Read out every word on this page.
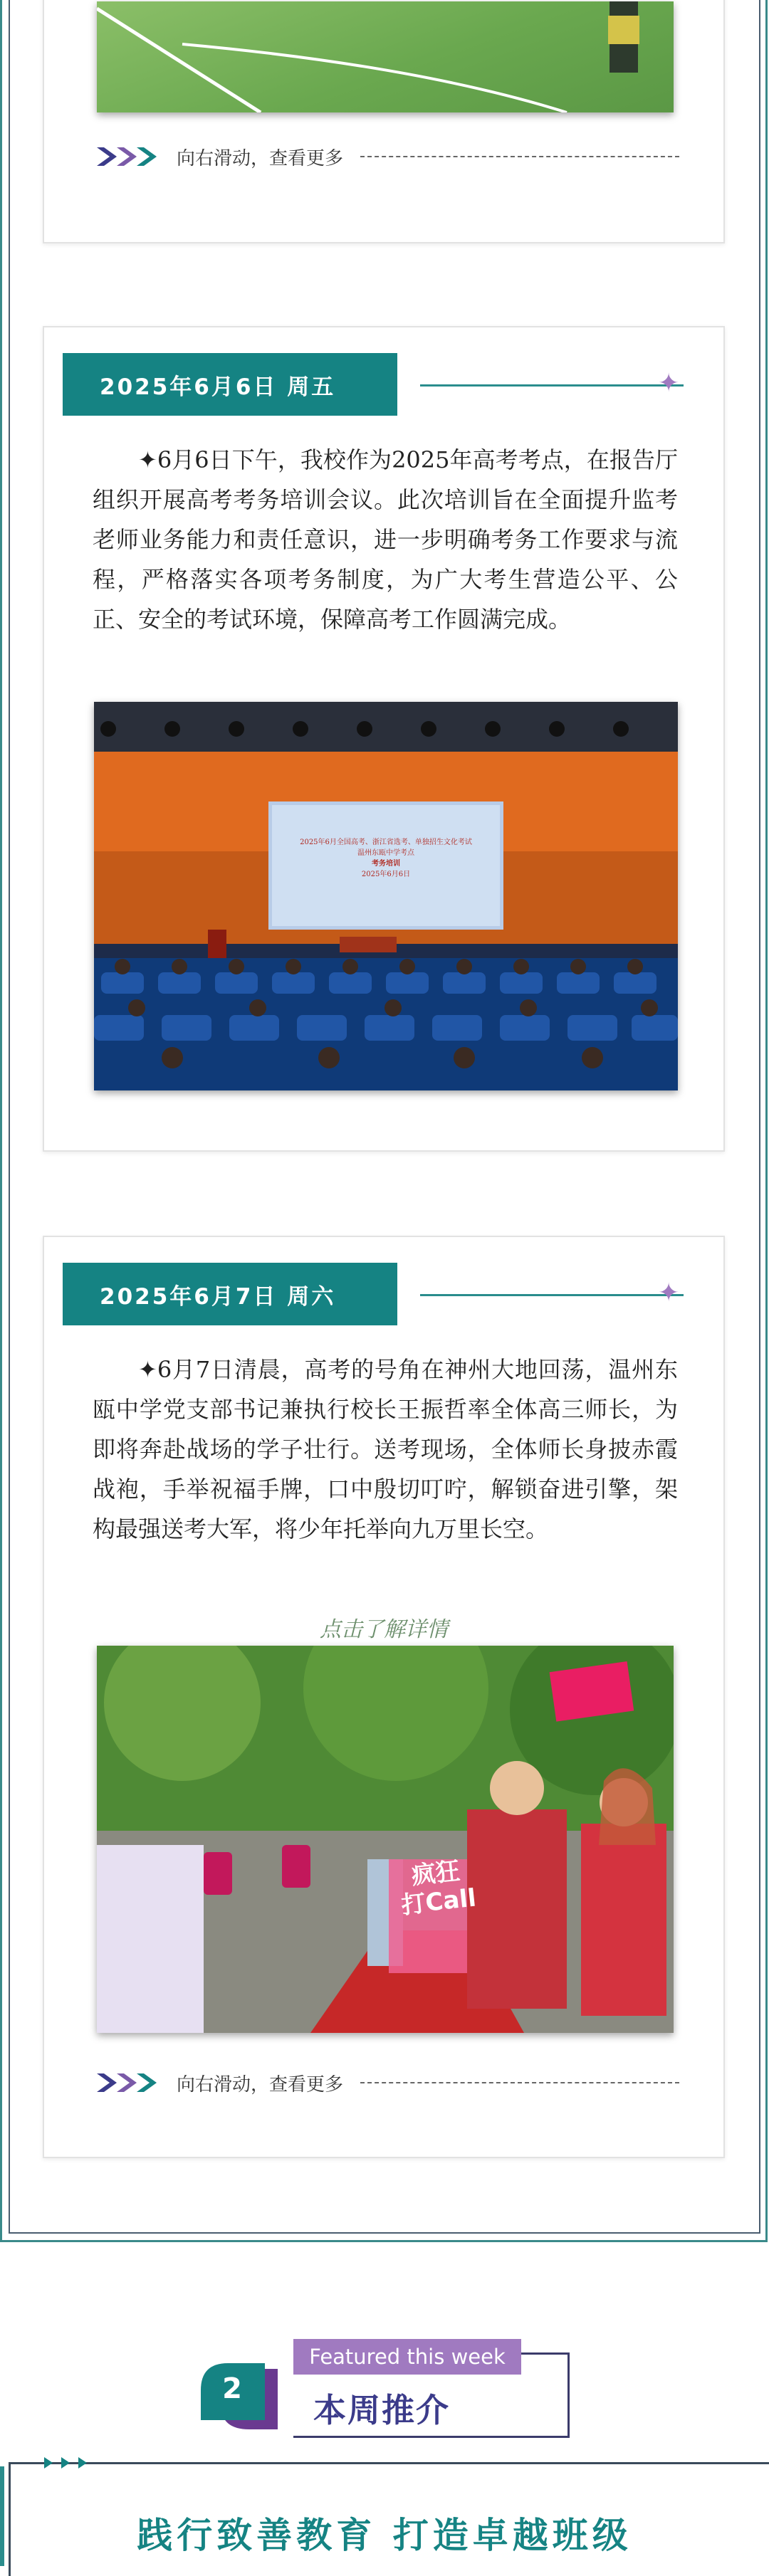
向右滑动，查看更多
2025年6月6日 周五	✦
✦6月6日下午，我校作为2025年高考考点，在报告厅组织开展高考考务培训会议。此次培训旨在全面提升监考老师业务能力和责任意识，进一步明确考务工作要求与流程，严格落实各项考务制度，为广大考生营造公平、公正、安全的考试环境，保障高考工作圆满完成。
2025年6月全国高考、浙江省选考、单独招生文化考试
温州东瓯中学考点
考务培训
2025年6月6日
2025年6月7日 周六	✦
✦6月7日清晨，高考的号角在神州大地回荡，温州东瓯中学党支部书记兼执行校长王振哲率全体高三师长，为即将奔赴战场的学子壮行。送考现场，全体师长身披赤霞战袍，手举祝福手牌，口中殷切叮咛，解锁奋进引擎，架构最强送考大军，将少年托举向九万里长空。
点击了解详情
疯狂
打Call
向右滑动，查看更多
2
Featured this week
本周推介
践行致善教育 打造卓越班级
